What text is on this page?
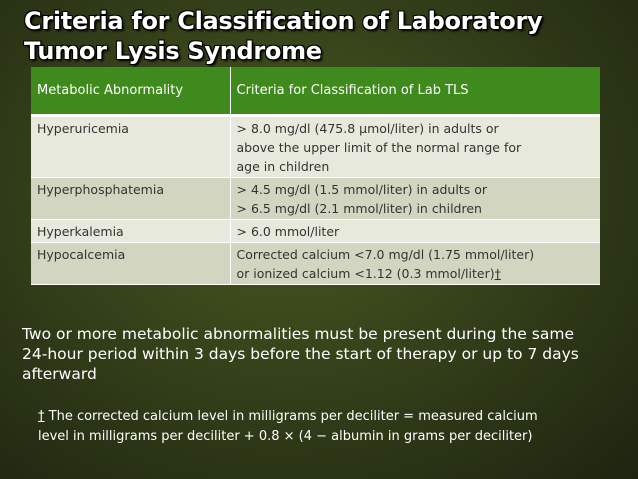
Criteria for Classification of Laboratory
Tumor Lysis Syndrome
Metabolic Abnormality	Criteria for Classification of Lab TLS
Hyperuricemia	> 8.0 mg/dl (475.8 μmol/liter) in adults or
above the upper limit of the normal range for
age in children

Hyperphosphatemia	> 4.5 mg/dl (1.5 mmol/liter) in adults or
> 6.5 mg/dl (2.1 mmol/liter) in children

Hyperkalemia	> 6.0 mmol/liter

Hypocalcemia	Corrected calcium <7.0 mg/dl (1.75 mmol/liter)
or ionized calcium <1.12 (0.3 mmol/liter)†

Two or more metabolic abnormalities must be present during the same
24-hour period within 3 days before the start of therapy or up to 7 days
afterward

† The corrected calcium level in milligrams per deciliter = measured calcium
level in milligrams per deciliter + 0.8 × (4 − albumin in grams per deciliter)
